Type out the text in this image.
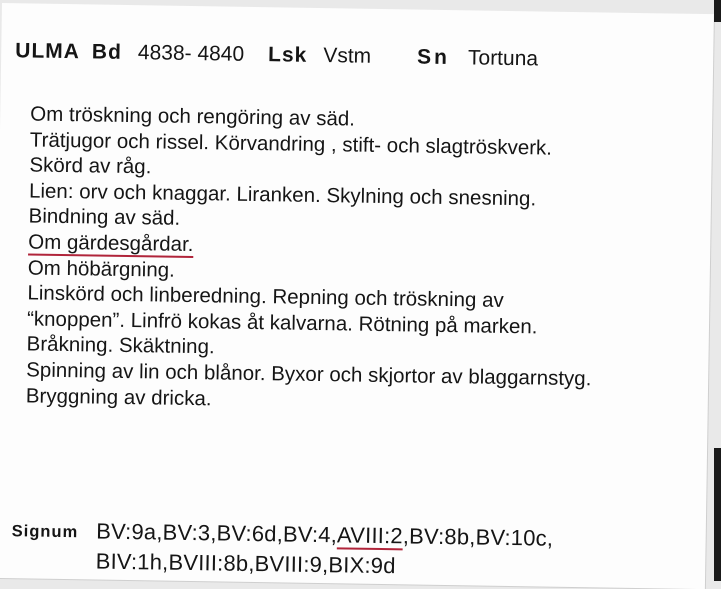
ULMA Bd 4838- 4840 Lsk Vstm Sn Tortuna
Om tröskning och rengöring av säd.
Trätjugor och rissel. Körvandring , stift- och slagtröskverk.
Skörd av råg.
Lien: orv och knaggar. Liranken. Skylning och snesning.
Bindning av säd.
Om gärdesgårdar.
Om höbärgning.
Linskörd och linberedning. Repning och tröskning av
“knoppen”. Linfrö kokas åt kalvarna. Rötning på marken.
Bråkning. Skäktning.
Spinning av lin och blånor. Byxor och skjortor av blaggarnstyg.
Bryggning av dricka.
Signum BV:9a,BV:3,BV:6d,BV:4,AVIII:2,BV:8b,BV:10c,
BIV:1h,BVIII:8b,BVIII:9,BIX:9d
